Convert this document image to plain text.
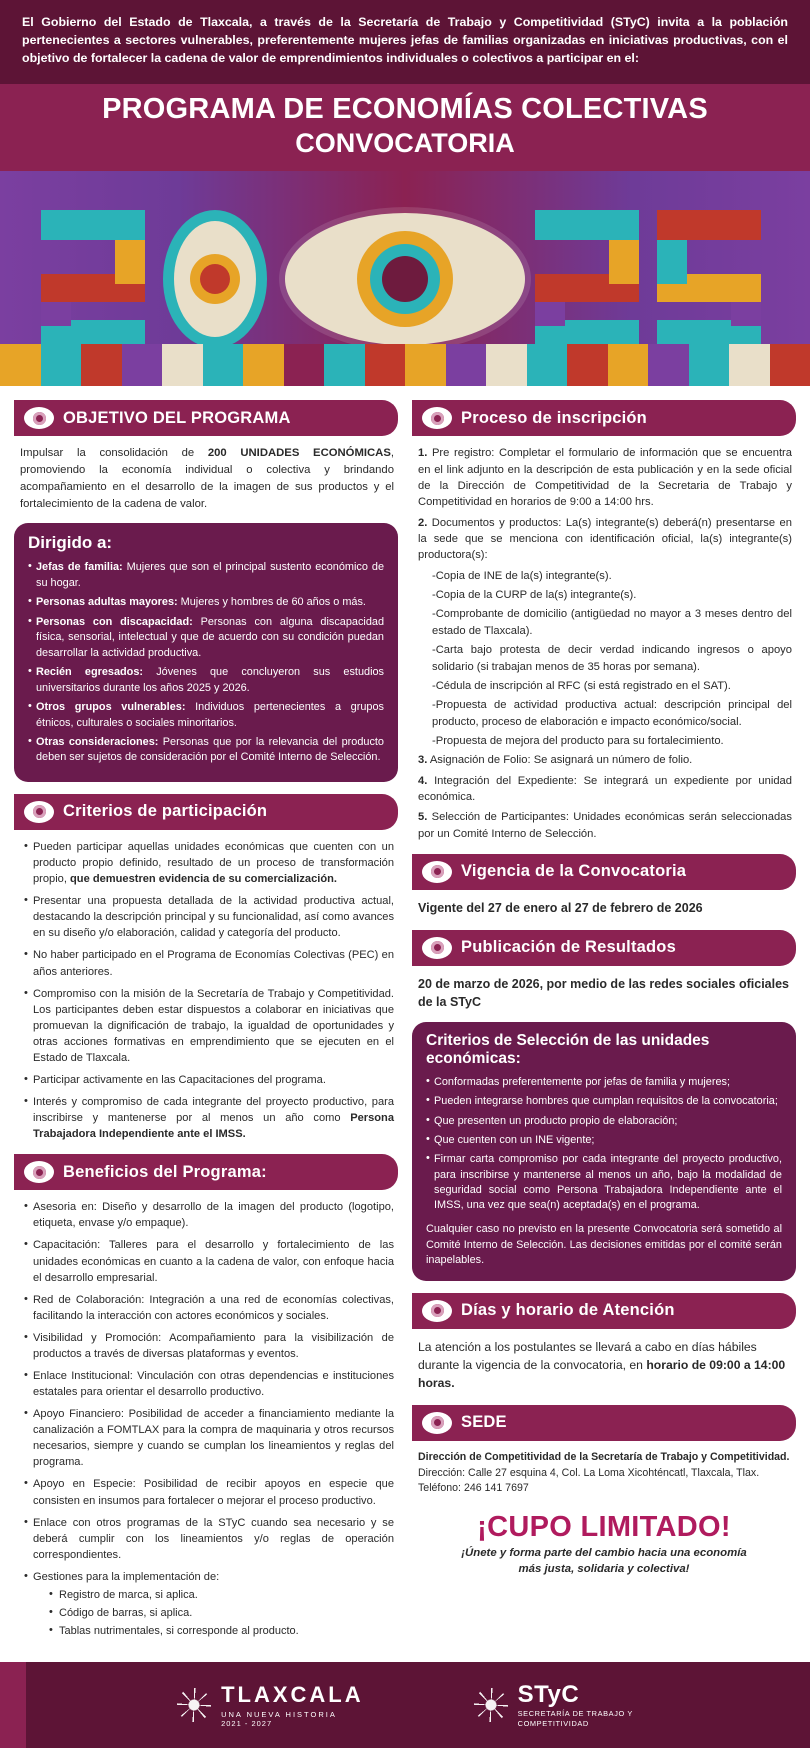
El Gobierno del Estado de Tlaxcala, a través de la Secretaría de Trabajo y Competitividad (STyC) invita a la población pertenecientes a sectores vulnerables, preferentemente mujeres jefas de familias organizadas en iniciativas productivas, con el objetivo de fortalecer la cadena de valor de emprendimientos individuales o colectivos a participar en el:
PROGRAMA DE ECONOMÍAS COLECTIVAS
CONVOCATORIA
OBJETIVO DEL PROGRAMA
Impulsar la consolidación de 200 UNIDADES ECONÓMICAS, promoviendo la economía individual o colectiva y brindando acompañamiento en el desarrollo de la imagen de sus productos y el fortalecimiento de la cadena de valor.
Dirigido a:
• Jefas de familia: Mujeres que son el principal sustento económico de su hogar.
• Personas adultas mayores: Mujeres y hombres de 60 años o más.
• Personas con discapacidad: Personas con alguna discapacidad física, sensorial, intelectual y que de acuerdo con su condición puedan desarrollar la actividad productiva.
• Recién egresados: Jóvenes que concluyeron sus estudios universitarios durante los años 2025 y 2026.
• Otros grupos vulnerables: Individuos pertenecientes a grupos étnicos, culturales o sociales minoritarios.
• Otras consideraciones: Personas que por la relevancia del producto deben ser sujetos de consideración por el Comité Interno de Selección.
Criterios de participación
• Pueden participar aquellas unidades económicas que cuenten con un producto propio definido, resultado de un proceso de transformación propio, que demuestren evidencia de su comercialización.
• Presentar una propuesta detallada de la actividad productiva actual, destacando la descripción principal y su funcionalidad, así como avances en su diseño y/o elaboración, calidad y categoría del producto.
• No haber participado en el Programa de Economías Colectivas (PEC) en años anteriores.
• Compromiso con la misión de la Secretaría de Trabajo y Competitividad. Los participantes deben estar dispuestos a colaborar en iniciativas que promuevan la dignificación de trabajo, la igualdad de oportunidades y otras acciones formativas en emprendimiento que se ejecuten en el Estado de Tlaxcala.
• Participar activamente en las Capacitaciones del programa.
• Interés y compromiso de cada integrante del proyecto productivo, para inscribirse y mantenerse por al menos un año como Persona Trabajadora Independiente ante el IMSS.
Beneficios del Programa:
• Asesoria en: Diseño y desarrollo de la imagen del producto (logotipo, etiqueta, envase y/o empaque).
• Capacitación: Talleres para el desarrollo y fortalecimiento de las unidades económicas en cuanto a la cadena de valor, con enfoque hacia el desarrollo empresarial.
• Red de Colaboración: Integración a una red de economías colectivas, facilitando la interacción con actores económicos y sociales.
• Visibilidad y Promoción: Acompañamiento para la visibilización de productos a través de diversas plataformas y eventos.
• Enlace Institucional: Vinculación con otras dependencias e instituciones estatales para orientar el desarrollo productivo.
• Apoyo Financiero: Posibilidad de acceder a financiamiento mediante la canalización a FOMTLAX para la compra de maquinaria y otros recursos necesarios, siempre y cuando se cumplan los lineamientos y reglas del programa.
• Apoyo en Especie: Posibilidad de recibir apoyos en especie que consisten en insumos para fortalecer o mejorar el proceso productivo.
• Enlace con otros programas de la STyC cuando sea necesario y se deberá cumplir con los lineamientos y/o reglas de operación correspondientes.
• Gestiones para la implementación de:
• Registro de marca, si aplica.
• Código de barras, si aplica.
• Tablas nutrimentales, si corresponde al producto.
Proceso de inscripción

1. Pre registro: Completar el formulario de información que se encuentra en el link adjunto en la descripción de esta publicación y en la sede oficial de la Dirección de Competitividad de la Secretaria de Trabajo y Competitividad en horarios de 9:00 a 14:00 hrs.

2. Documentos y productos: La(s) integrante(s) deberá(n) presentarse en la sede que se menciona con identificación oficial, la(s) integrante(s) productora(s):

-Copia de INE de la(s) integrante(s).

-Copia de la CURP de la(s) integrante(s).

-Comprobante de domicilio (antigüedad no mayor a 3 meses dentro del estado de Tlaxcala).

-Carta bajo protesta de decir verdad indicando ingresos o apoyo solidario (si trabajan menos de 35 horas por semana).

-Cédula de inscripción al RFC (si está registrado en el SAT).

-Propuesta de actividad productiva actual: descripción principal del producto, proceso de elaboración e impacto económico/social.

-Propuesta de mejora del producto para su fortalecimiento.

3. Asignación de Folio: Se asignará un número de folio.

4. Integración del Expediente: Se integrará un expediente por unidad económica.

5. Selección de Participantes: Unidades económicas serán seleccionadas por un Comité Interno de Selección.

Vigencia de la Convocatoria
Vigente del 27 de enero al 27 de febrero de 2026
Publicación de Resultados
20 de marzo de 2026, por medio de las redes sociales oficiales de la STyC
Criterios de Selección de las unidades económicas:
• Conformadas preferentemente por jefas de familia y mujeres;
• Pueden integrarse hombres que cumplan requisitos de la convocatoria;
• Que presenten un producto propio de elaboración;
• Que cuenten con un INE vigente;
• Firmar carta compromiso por cada integrante del proyecto productivo, para inscribirse y mantenerse al menos un año, bajo la modalidad de seguridad social como Persona Trabajadora Independiente ante el IMSS, una vez que sea(n) aceptada(s) en el programa.
Cualquier caso no previsto en la presente Convocatoria será sometido al Comité Interno de Selección. Las decisiones emitidas por el comité serán inapelables.
Días y horario de Atención
La atención a los postulantes se llevará a cabo en días hábiles durante la vigencia de la convocatoria, en horario de 09:00 a 14:00 horas.
SEDE
Dirección de Competitividad de la Secretaría de Trabajo y Competitividad.
Dirección: Calle 27 esquina 4, Col. La Loma Xicohténcatl, Tlaxcala, Tlax.
Teléfono: 246 141 7697
¡CUPO LIMITADO!
¡Únete y forma parte del cambio hacia una economía
más justa, solidaria y colectiva!
TLAXCALA
UNA NUEVA HISTORIA
2021 - 2027
STyC
SECRETARÍA DE TRABAJO Y
COMPETITIVIDAD
